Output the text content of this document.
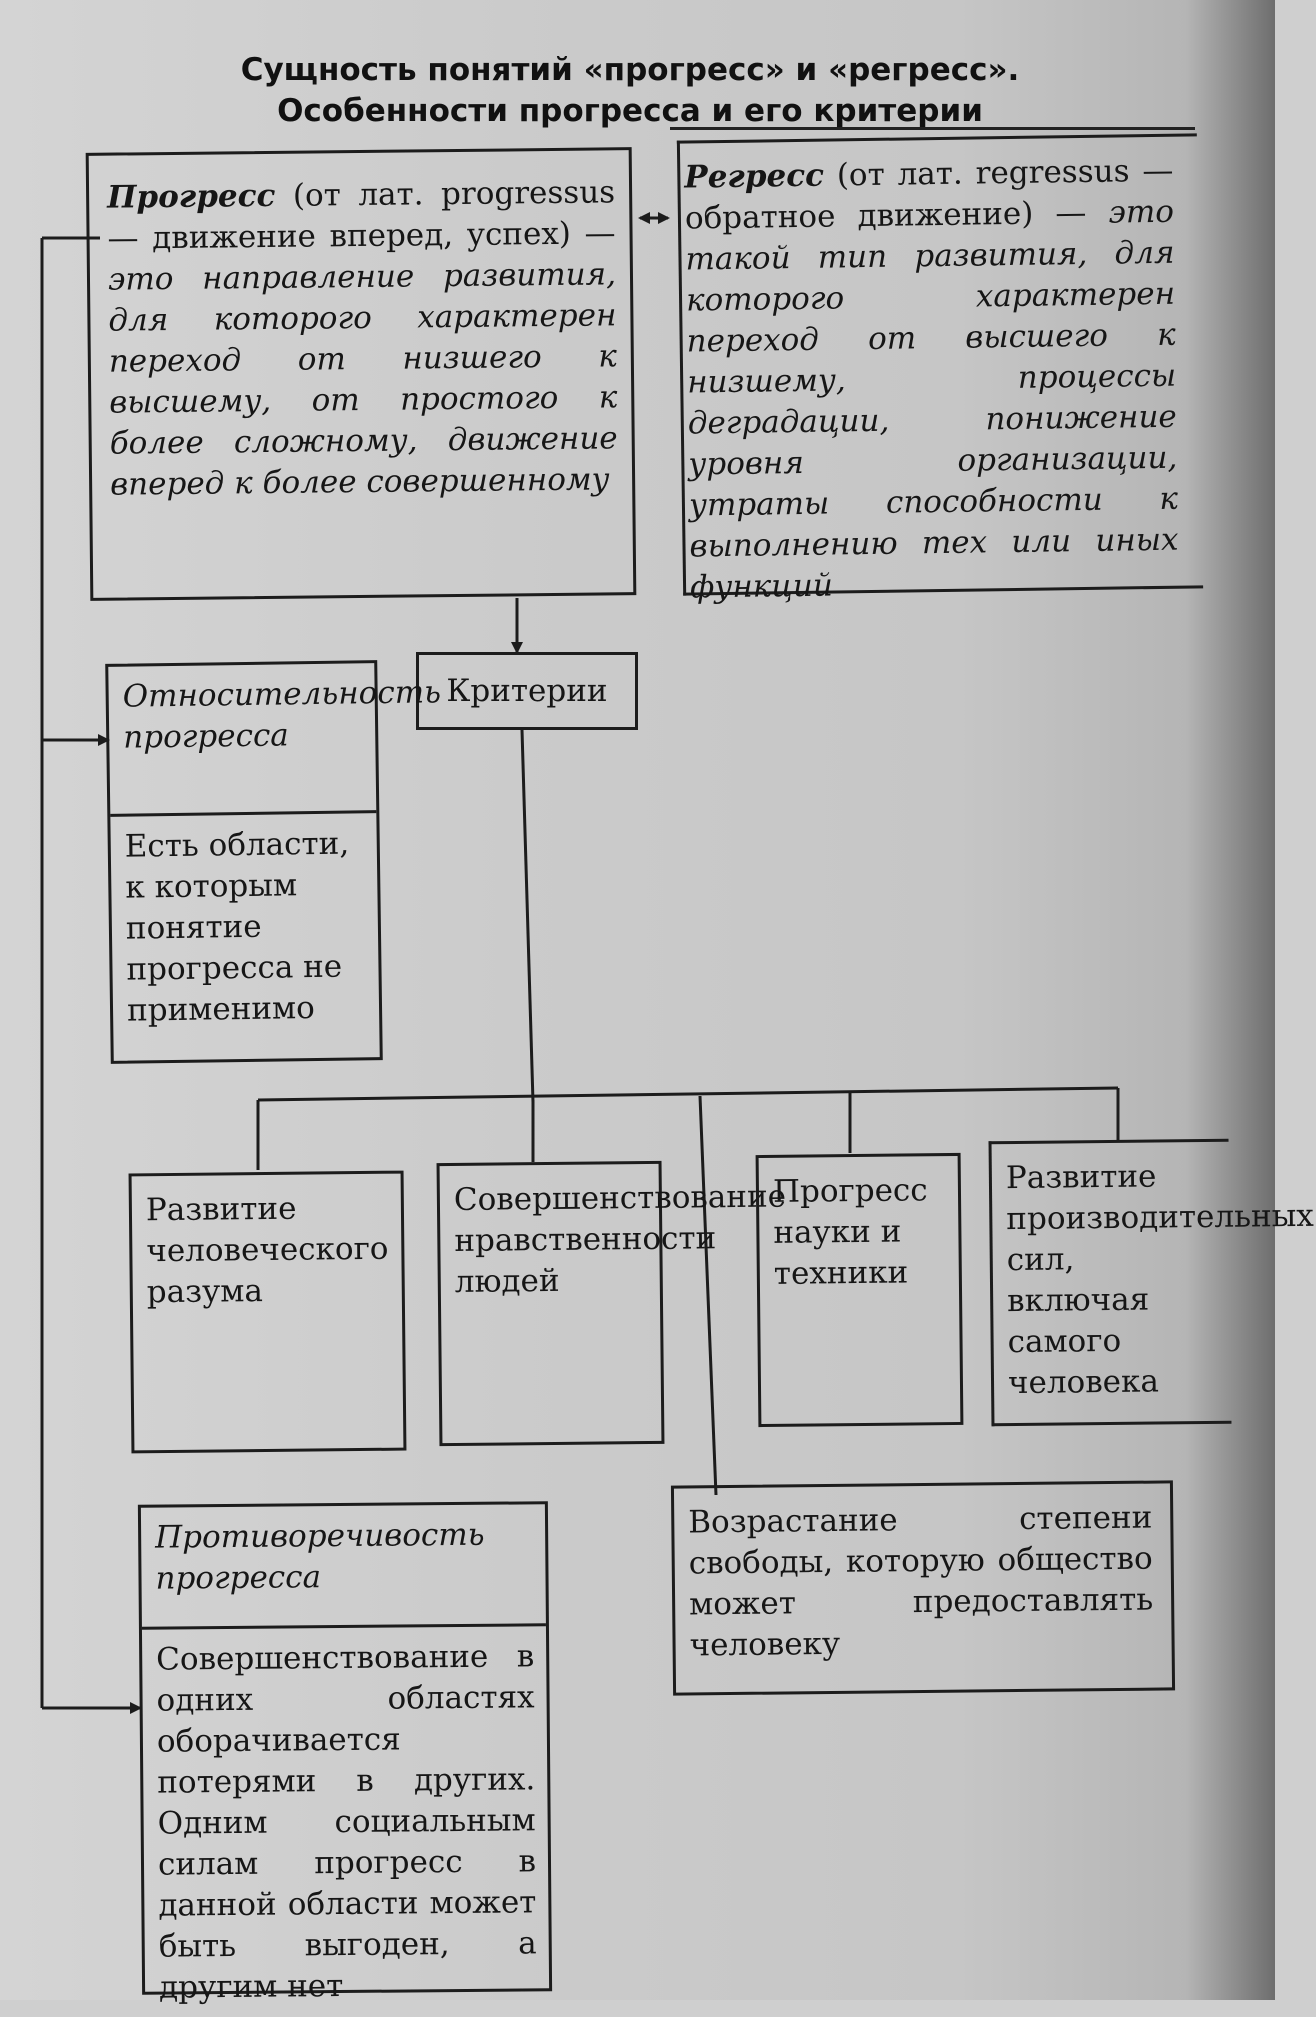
Сущность понятий «прогресс» и «регресс».
Особенности прогресса и его критерии
Прогресс (от лат. progressus — движение вперед, успех) — это направление развития, для которого характерен переход от низшего к высшему, от простого к более сложному, движение вперед к более совершенному
Регресс (от лат. regressus — обратное движение) — это такой тип развития, для которого характерен переход от высшего к низшему, процессы деградации, понижение уровня организации, утраты способности к выполнению тех или иных функций
Критерии
Относительность прогресса
Есть области, к которым понятие прогресса не применимо
Развитие человеческого разума
Совершенствование нравственности людей
Прогресс науки и техники
Развитие производительных сил, включая самого человека
Возрастание степени свободы, которую общество может предоставлять человеку
Противоречивость прогресса
Совершенствование в одних областях оборачивается потерями в других. Одним социальным силам прогресс в данной области может быть выгоден, а другим нет
